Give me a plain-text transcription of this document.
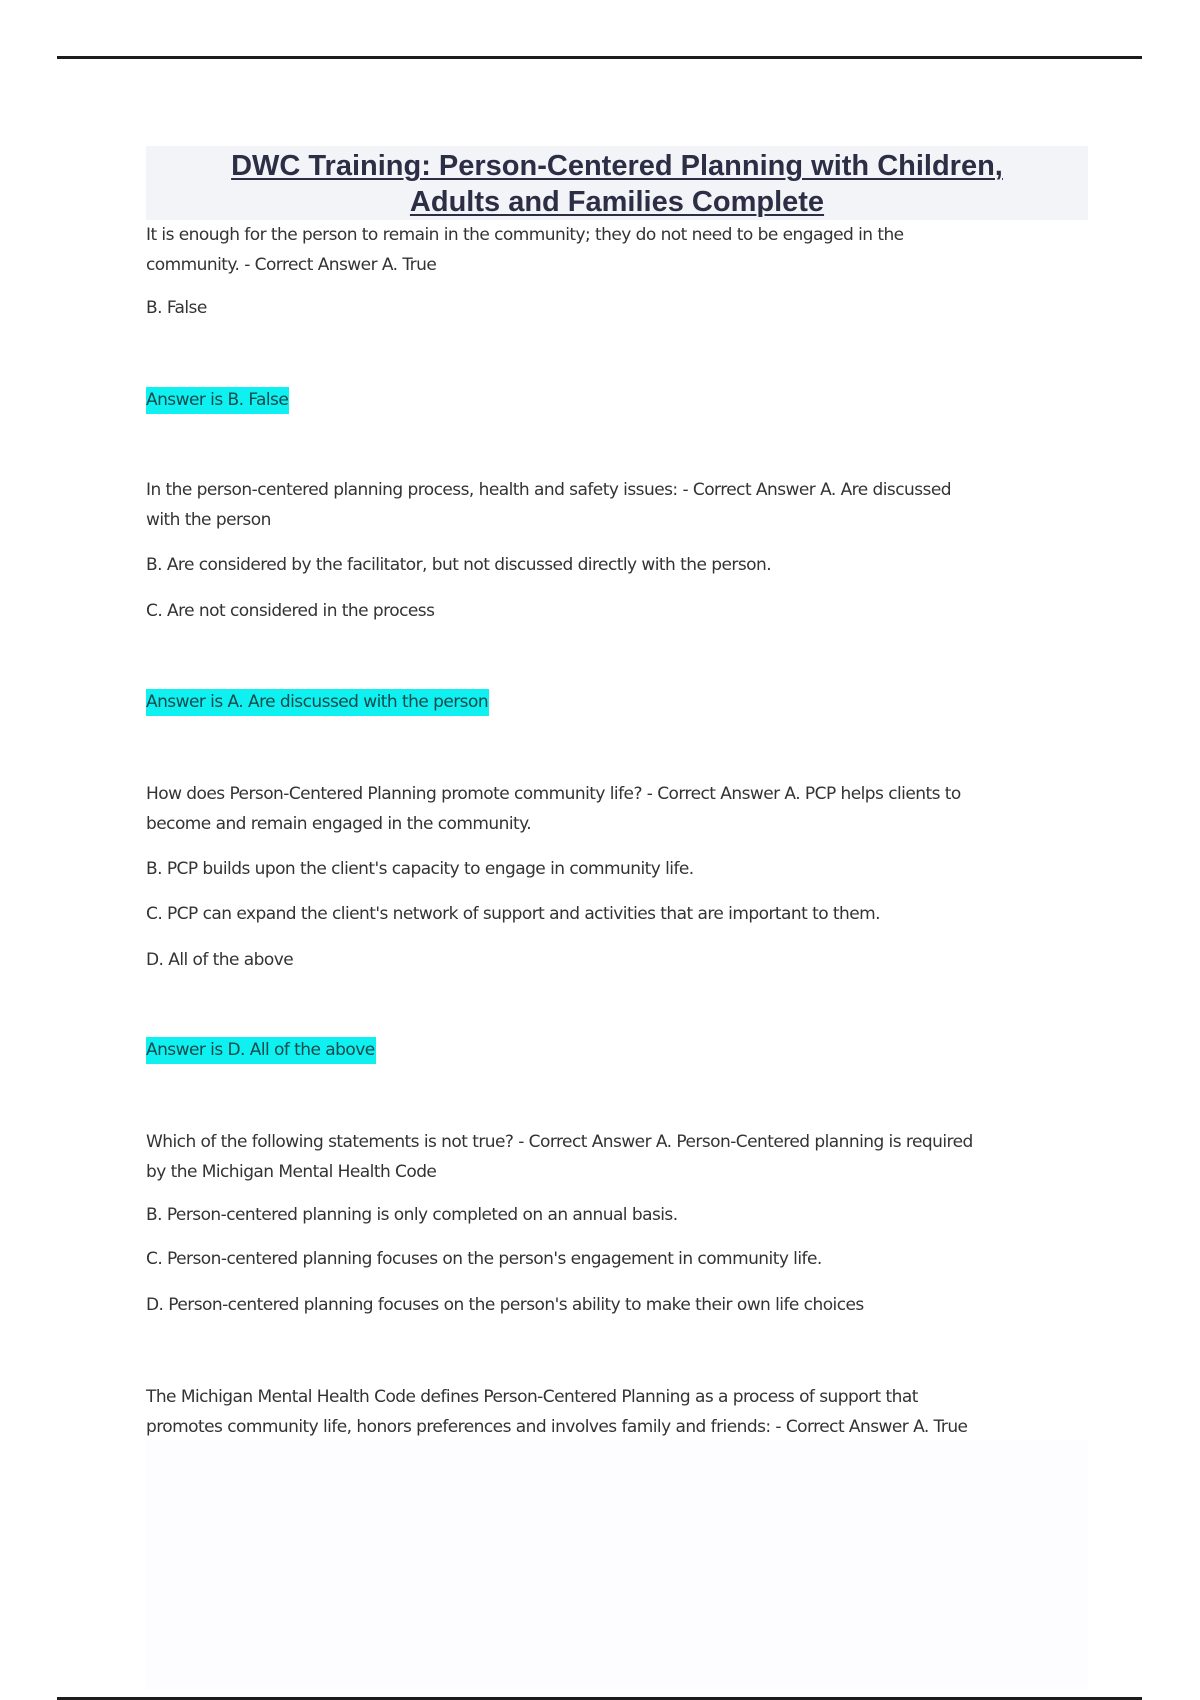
DWC Training: Person-Centered Planning with Children,
Adults and Families Complete
It is enough for the person to remain in the community; they do not need to be engaged in the
community. - Correct Answer A. True
B. False
Answer is B. False
In the person-centered planning process, health and safety issues: - Correct Answer A. Are discussed
with the person
B. Are considered by the facilitator, but not discussed directly with the person.
C. Are not considered in the process
Answer is A. Are discussed with the person
How does Person-Centered Planning promote community life? - Correct Answer A. PCP helps clients to
become and remain engaged in the community.
B. PCP builds upon the client's capacity to engage in community life.
C. PCP can expand the client's network of support and activities that are important to them.
D. All of the above
Answer is D. All of the above
Which of the following statements is not true? - Correct Answer A. Person-Centered planning is required
by the Michigan Mental Health Code
B. Person-centered planning is only completed on an annual basis.
C. Person-centered planning focuses on the person's engagement in community life.
D. Person-centered planning focuses on the person's ability to make their own life choices
The Michigan Mental Health Code defines Person-Centered Planning as a process of support that
promotes community life, honors preferences and involves family and friends: - Correct Answer A. True
